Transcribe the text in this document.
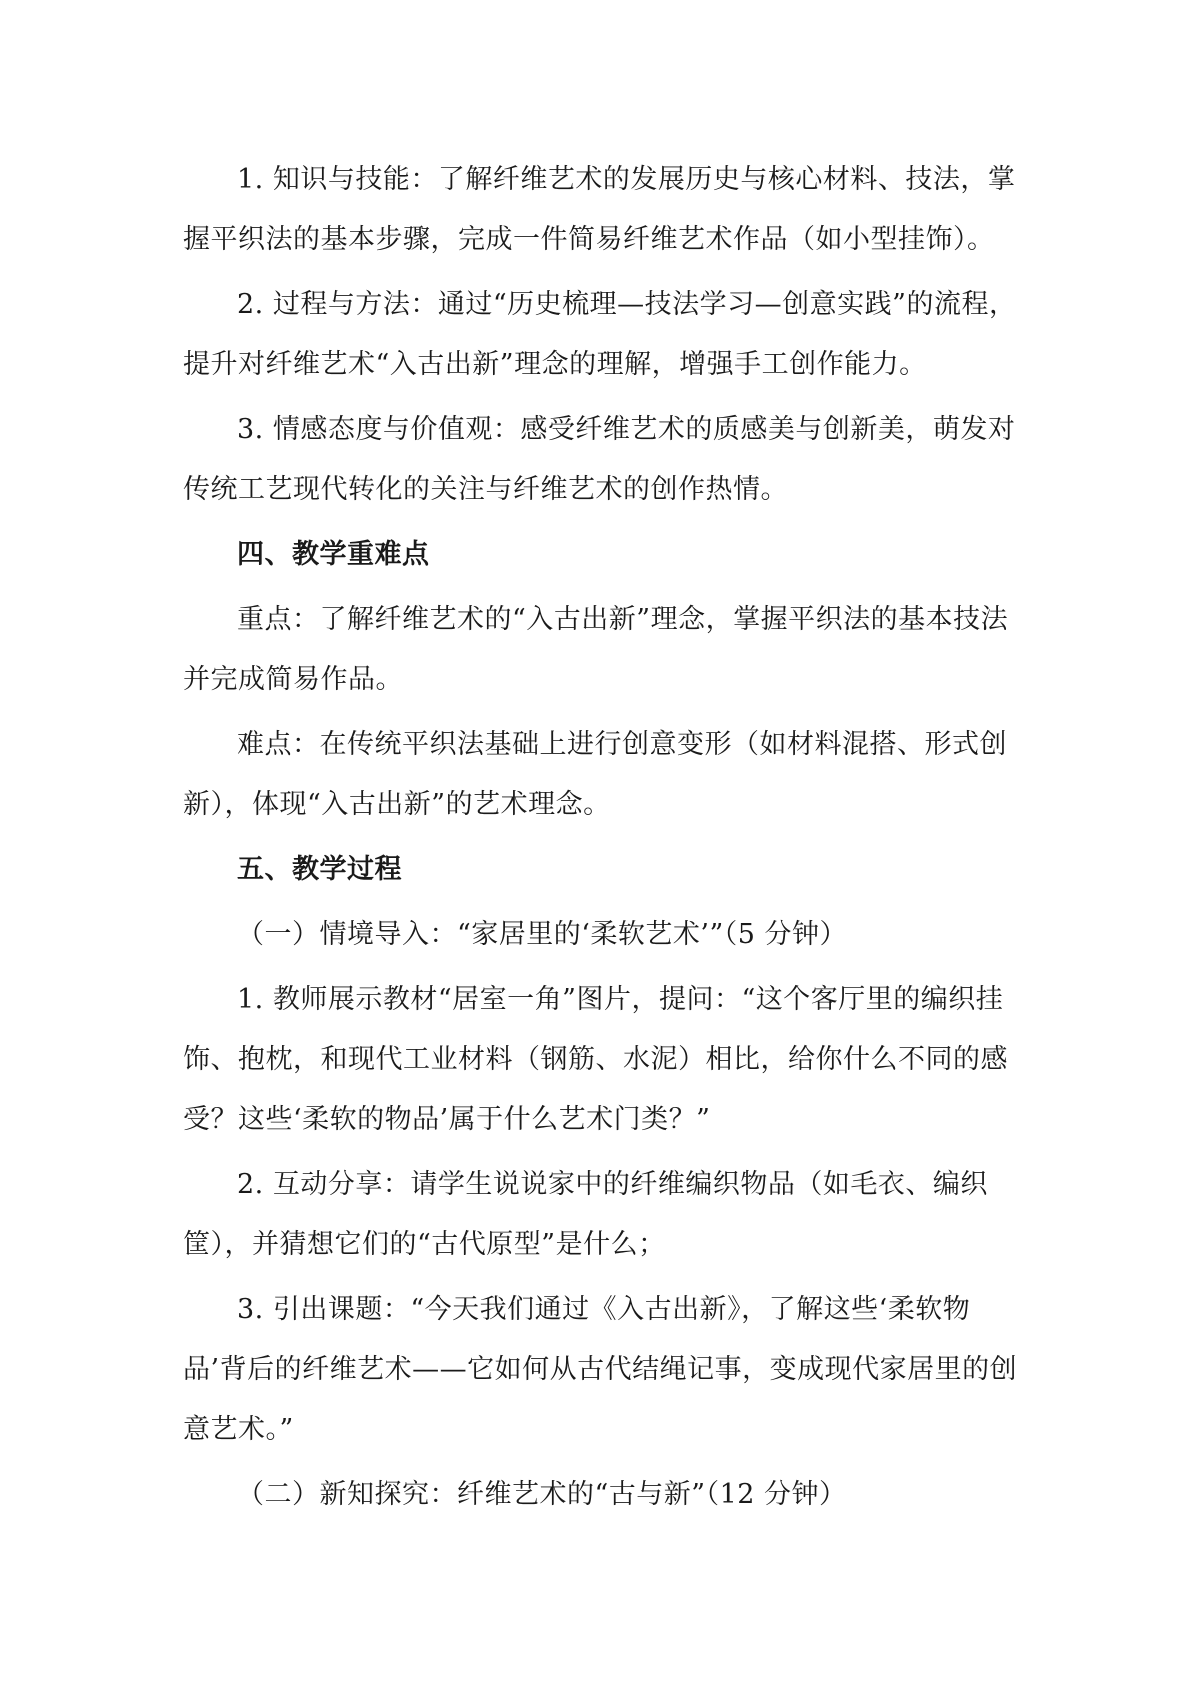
1. 知识与技能：了解纤维艺术的发展历史与核心材料、技法，掌握平织法的基本步骤，完成一件简易纤维艺术作品（如小型挂饰）。

2. 过程与方法：通过“历史梳理—技法学习—创意实践”的流程，提升对纤维艺术“入古出新”理念的理解，增强手工创作能力。

3. 情感态度与价值观：感受纤维艺术的质感美与创新美，萌发对传统工艺现代转化的关注与纤维艺术的创作热情。

四、教学重难点

重点：了解纤维艺术的“入古出新”理念，掌握平织法的基本技法并完成简易作品。

难点：在传统平织法基础上进行创意变形（如材料混搭、形式创新），体现“入古出新”的艺术理念。

五、教学过程

（一）情境导入：“家居里的‘柔软艺术’”（5 分钟）

1. 教师展示教材“居室一角”图片，提问：“这个客厅里的编织挂饰、抱枕，和现代工业材料（钢筋、水泥）相比，给你什么不同的感受？这些‘柔软的物品’属于什么艺术门类？”

2. 互动分享：请学生说说家中的纤维编织物品（如毛衣、编织筐），并猜想它们的“古代原型”是什么；

3. 引出课题：“今天我们通过《入古出新》，了解这些‘柔软物品’背后的纤维艺术——它如何从古代结绳记事，变成现代家居里的创意艺术。”

（二）新知探究：纤维艺术的“古与新”（12 分钟）
